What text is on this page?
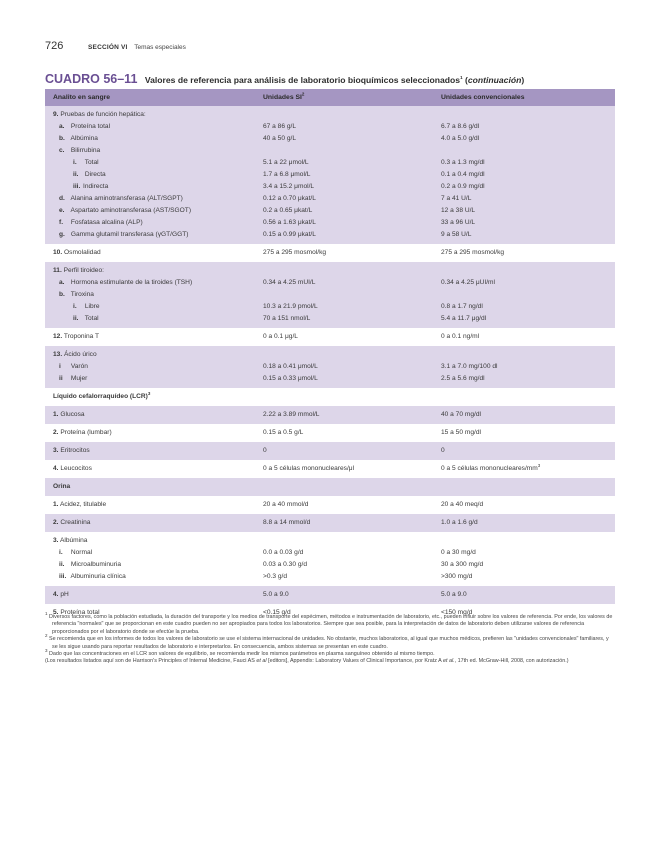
726	SECCIÓN VI Temas especiales
CUADRO 56–11 Valores de referencia para análisis de laboratorio bioquímicos seleccionados$^1$ (continuación)
Analito en sangre	Unidades $SI^2$	Unidades convencionales
9. Pruebas de función hepática:
a. Proteína total	67 a 86 g/L	6.7 a 8.6 g/dl
b. Albúmina	40 a 50 g/L	4.0 a 5.0 g/dl
c. Bilirrubina
i. Total	5.1 a 22 μmol/L	0.3 a 1.3 mg/dl
ii. Directa	1.7 a 6.8 μmol/L	0.1 a 0.4 mg/dl
iii. Indirecta	3.4 a 15.2 μmol/L	0.2 a 0.9 mg/dl
d. Alanina aminotransferasa (ALT/SGPT)	0.12 a 0.70 μkat/L	7 a 41 U/L
e. Aspartato aminotransferasa (AST/SGOT)	0.2 a 0.65 μkat/L	12 a 38 U/L
f. Fosfatasa alcalina (ALP)	0.56 a 1.63 μkat/L	33 a 96 U/L
g. Gamma glutamil transferasa (γGT/GGT)	0.15 a 0.99 μkat/L	9 a 58 U/L
10. Osmolalidad	275 a 295 mosmol/kg	275 a 295 mosmol/kg
11. Perfil tiroideo:
a. Hormona estimulante de la tiroides (TSH)	0.34 a 4.25 mUI/L	0.34 a 4.25 μUI/ml
b. Tiroxina
i. Libre	10.3 a 21.9 pmol/L	0.8 a 1.7 ng/dl
ii. Total	70 a 151 nmol/L	5.4 a 11.7 μg/dl
12. Troponina T	0 a 0.1 μg/L	0 a 0.1 ng/ml
13. Ácido úrico
i Varón	0.18 a 0.41 μmol/L	3.1 a 7.0 mg/100 dl
ii Mujer	0.15 a 0.33 μmol/L	2.5 a 5.6 mg/dl
Líquido cefalorraquídeo (LCR)$^3$
1. Glucosa	2.22 a 3.89 mmol/L	40 a 70 mg/dl
2. Proteína (lumbar)	0.15 a 0.5 g/L	15 a 50 mg/dl
3. Eritrocitos	0	0
4. Leucocitos	0 a 5 células mononucleares/μl	0 a 5 células mononucleares/$mm^3$
Orina
1. Acidez, titulable	20 a 40 mmol/d	20 a 40 meq/d
2. Creatinina	8.8 a 14 mmol/d	1.0 a 1.6 g/d
3. Albúmina
i. Normal	0.0 a 0.03 g/d	0 a 30 mg/d
ii. Microalbuminuria	0.03 a 0.30 g/d	30 a 300 mg/d
iii. Albuminuria clínica	>0.3 g/d	>300 mg/d
4. pH	5.0 a 9.0	5.0 a 9.0
5. Proteína total	<0.15 g/d	<150 mg/d

$^1$ Diversos factores, como la población estudiada, la duración del transporte y los medios de transporte del espécimen, métodos e instrumentación de laboratorio, etc., pueden influir sobre los valores de referencia. Por ende, los valores de referencia "normales" que se proporcionan en este cuadro pueden no ser apropiados para todos los laboratorios. Siempre que sea posible, para la interpretación de datos de laboratorio deben utilizarse valores de referencia proporcionados por el laboratorio donde se efectúe la prueba.

$^2$ Se recomienda que en los informes de todos los valores de laboratorio se use el sistema internacional de unidades. No obstante, muchos laboratorios, al igual que muchos médicos, prefieren las "unidades convencionales" familiares, y se les sigue usando para reportar resultados de laboratorio e interpretarlos. En consecuencia, ambos sistemas se presentan en este cuadro.

$^3$ Dado que las concentraciones en el LCR son valores de equilibrio, se recomienda medir los mismos parámetros en plasma sanguíneo obtenido al mismo tiempo.

(Los resultados listados aquí son de Harrison's Principles of Internal Medicine, Fauci AS et al [editors], Appendix: Laboratory Values of Clinical Importance, por Kratz A et al., 17th ed. McGraw-Hill, 2008, con autorización.)
